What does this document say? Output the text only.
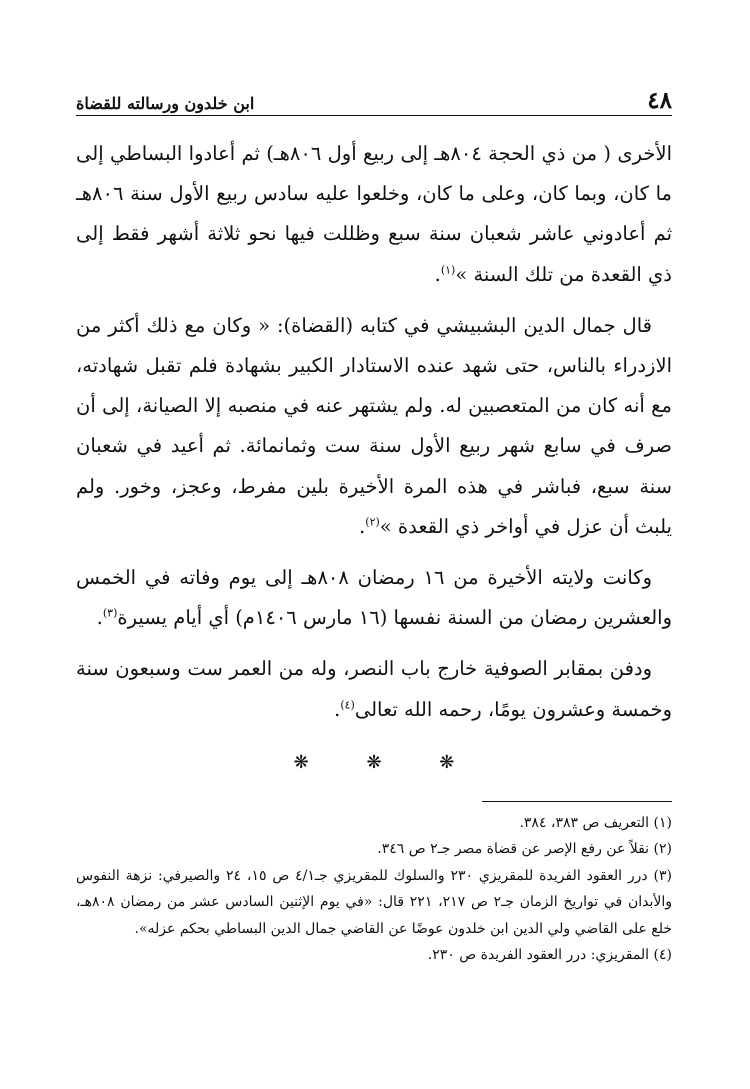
٤٨
ابن خلدون ورسالته للقضاة

الأخرى ( من ذي الحجة ٨٠٤هـ إلى ربيع أول ٨٠٦هـ) ثم أعادوا البساطي إلى ما كان، وبما كان، وعلى ما كان، وخلعوا عليه سادس ربيع الأول سنة ٨٠٦هـ ثم أعادوني عاشر شعبان سنة سبع وظللت فيها نحو ثلاثة أشهر فقط إلى ذي القعدة من تلك السنة »$^{(١)}$.

قال جمال الدين البشبيشي في كتابه (القضاة): « وكان مع ذلك أكثر من الازدراء بالناس، حتى شهد عنده الاستادار الكبير بشهادة فلم تقبل شهادته، مع أنه كان من المتعصبين له. ولم يشتهر عنه في منصبه إلا الصيانة، إلى أن صرف في سابع شهر ربيع الأول سنة ست وثمانمائة. ثم أعيد في شعبان سنة سبع، فباشر في هذه المرة الأخيرة بلين مفرط، وعجز، وخور. ولم يلبث أن عزل في أواخر ذي القعدة »$^{(٢)}$.

وكانت ولايته الأخيرة من ١٦ رمضان ٨٠٨هـ إلى يوم وفاته في الخمس والعشرين رمضان من السنة نفسها (١٦ مارس ١٤٠٦م) أي أيام يسيرة$^{(٣)}$.

ودفن بمقابر الصوفية خارج باب النصر، وله من العمر ست وسبعون سنة وخمسة وعشرون يومًا، رحمه الله تعالى$^{(٤)}$.

❋ ❋ ❋

(١) التعريف ص ٣٨٣، ٣٨٤.

(٢) نقلاً عن رفع الإصر عن قضاة مصر جـ٢ ص ٣٤٦.

(٣) درر العقود الفريدة للمقريزي ٢٣٠ والسلوك للمقريزي جـ٤/١ ص ١٥، ٢٤ والصيرفي: نزهة النفوس والأبدان في تواريخ الزمان جـ٢ ص ٢١٧، ٢٢١ قال: «في يوم الإثنين السادس عشر من رمضان ٨٠٨هـ، خلع على القاضي ولي الدين ابن خلدون عوضًا عن القاضي جمال الدين البساطي بحكم عزله».

(٤) المقريزي: درر العقود الفريدة ص ٢٣٠.
